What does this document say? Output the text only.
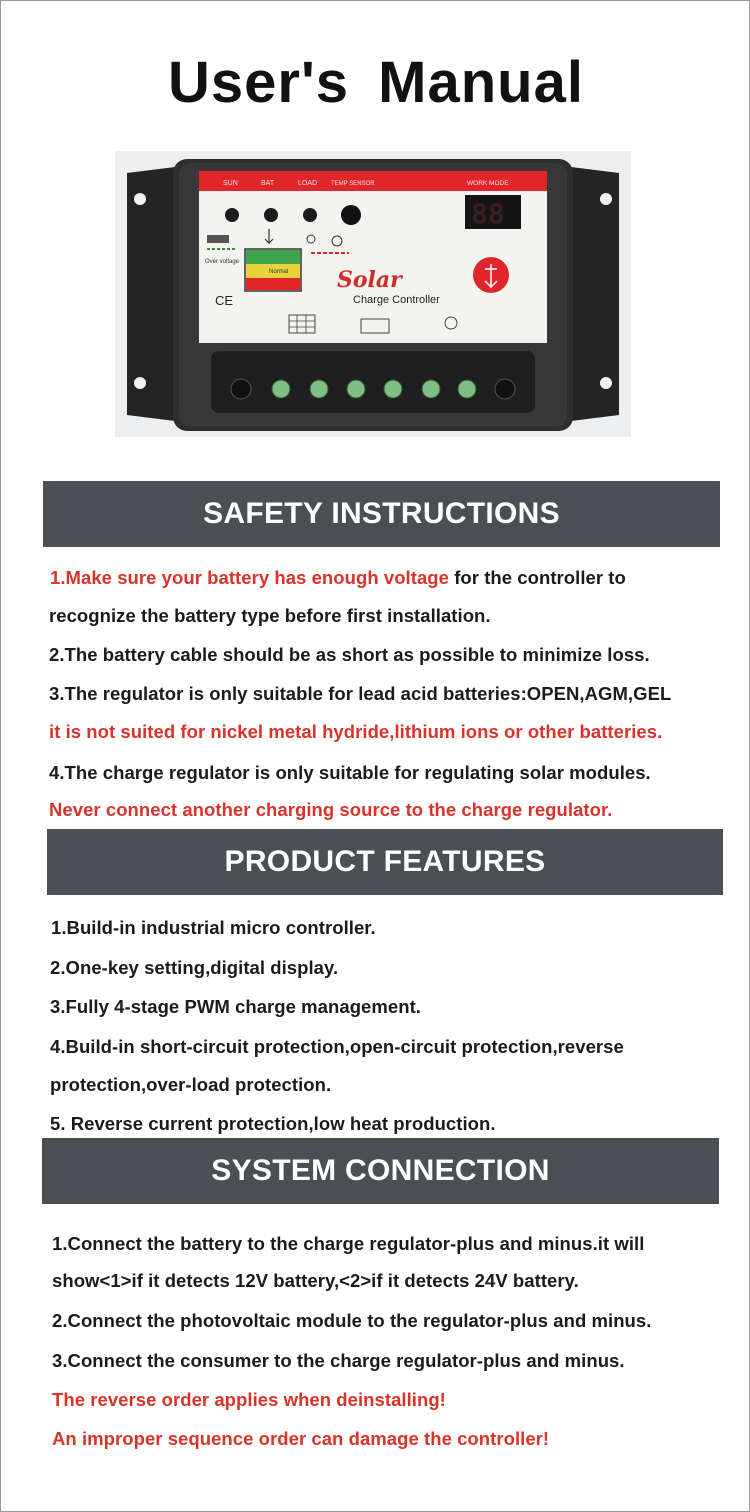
User's Manual
SUN	BAT	LOAD TEMP SENSOR	WORK MODE
88
Over voltage
Normal Solar
Charge Controller
CE
SAFETY INSTRUCTIONS
1.Make sure your battery has enough voltage for the controller to
recognize the battery type before first installation.
2.The battery cable should be as short as possible to minimize loss.
3.The regulator is only suitable for lead acid batteries:OPEN,AGM,GEL
it is not suited for nickel metal hydride,lithium ions or other batteries.
4.The charge regulator is only suitable for regulating solar modules.
Never connect another charging source to the charge regulator.
PRODUCT FEATURES
1.Build-in industrial micro controller.
2.One-key setting,digital display.
3.Fully 4-stage PWM charge management.
4.Build-in short-circuit protection,open-circuit protection,reverse
protection,over-load protection.
5. Reverse current protection,low heat production.
SYSTEM CONNECTION
1.Connect the battery to the charge regulator-plus and minus.it will
show<1>if it detects 12V battery,<2>if it detects 24V battery.
2.Connect the photovoltaic module to the regulator-plus and minus.
3.Connect the consumer to the charge regulator-plus and minus.
The reverse order applies when deinstalling!
An improper sequence order can damage the controller!
